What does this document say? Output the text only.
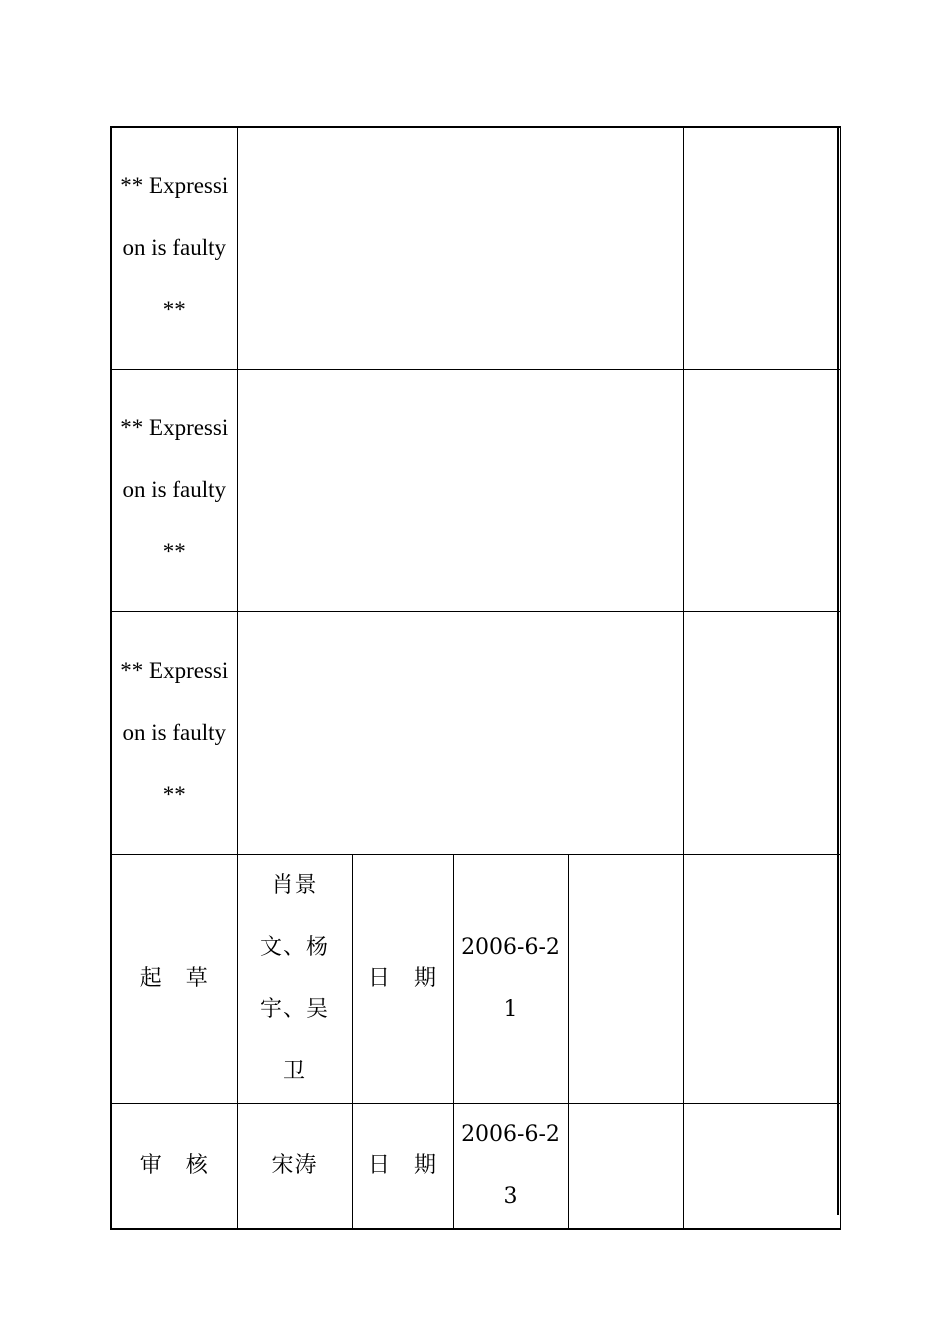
** Expression is faulty **					

** Expression is faulty **					

** Expression is faulty **					

起　草	肖景文、杨宇、吴卫	日　期	2006-6-21		

审　核	宋涛	日　期	2006-6-23		
